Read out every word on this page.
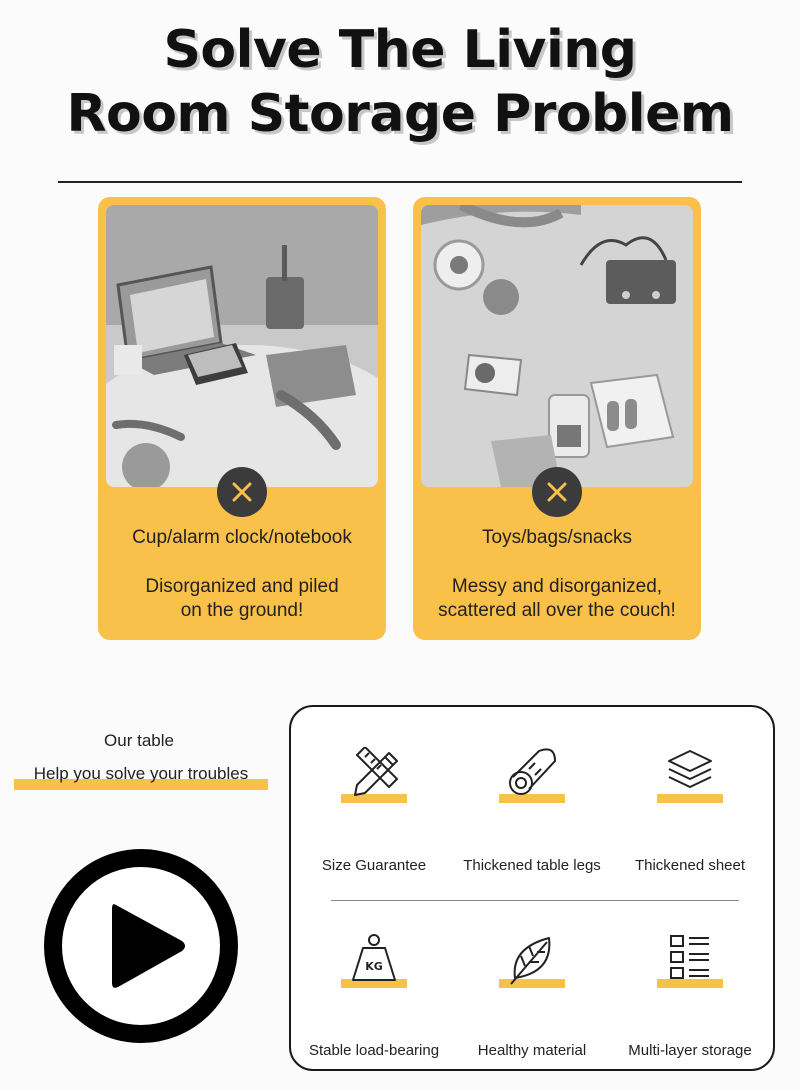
Solve The Living
Room Storage Problem
Cup/alarm clock/notebook
Disorganized and piled
on the ground!
Toys/bags/snacks
Messy and disorganized,
scattered all over the couch!
Our table
Help you solve your troubles
Size Guarantee	Thickened table legs	Thickened sheet
KG
Stable load-bearing	Healthy material	Multi-layer storage
